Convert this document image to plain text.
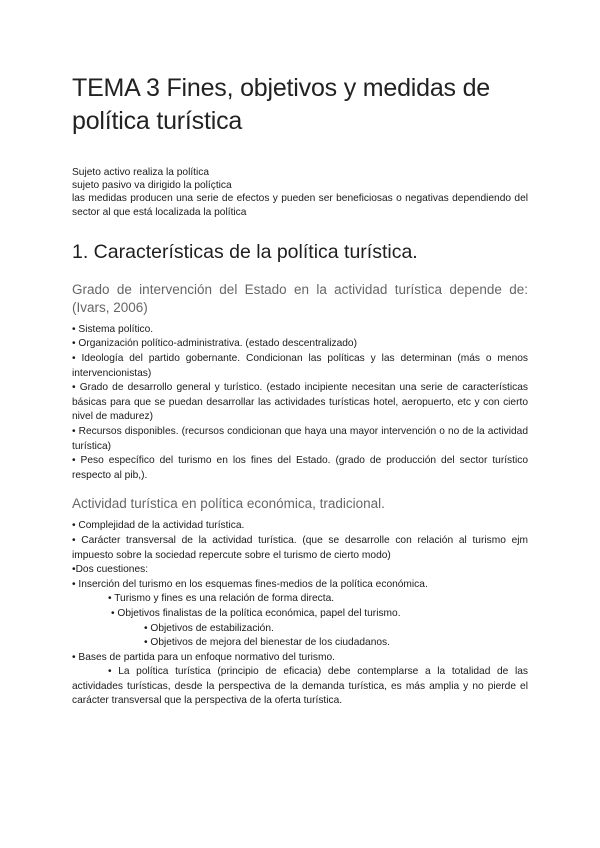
TEMA 3 Fines, objetivos y medidas de política turística

Sujeto activo realiza la política

sujeto pasivo va dirigido la políçtica

las medidas producen una serie de efectos y pueden ser beneficiosas o negativas dependiendo del sector al que está localizada la política

1. Características de la política turística.
Grado de intervención del Estado en la actividad turística depende de: (Ivars, 2006)
• Sistema político.
• Organización político-administrativa. (estado descentralizado)
• Ideología del partido gobernante. Condicionan las políticas y las determinan (más o menos intervencionistas)
• Grado de desarrollo general y turístico. (estado incipiente necesitan una serie de características básicas para que se puedan desarrollar las actividades turísticas hotel, aeropuerto, etc y con cierto nivel de madurez)
• Recursos disponibles. (recursos condicionan que haya una mayor intervención o no de la actividad turística)
• Peso específico del turismo en los fines del Estado. (grado de producción del sector turístico respecto al pib,).
Actividad turística en política económica, tradicional.
• Complejidad de la actividad turística.
• Carácter transversal de la actividad turística. (que se desarrolle con relación al turismo ejm impuesto sobre la sociedad repercute sobre el turismo de cierto modo)
•Dos cuestiones:
• Inserción del turismo en los esquemas fines-medios de la política económica.
• Turismo y fines es una relación de forma directa.
• Objetivos finalistas de la política económica, papel del turismo.
• Objetivos de estabilización.
• Objetivos de mejora del bienestar de los ciudadanos.
• Bases de partida para un enfoque normativo del turismo.
• La política turística (principio de eficacia) debe contemplarse a la totalidad de las actividades turísticas, desde la perspectiva de la demanda turística, es más amplia y no pierde el carácter transversal que la perspectiva de la oferta turística.
